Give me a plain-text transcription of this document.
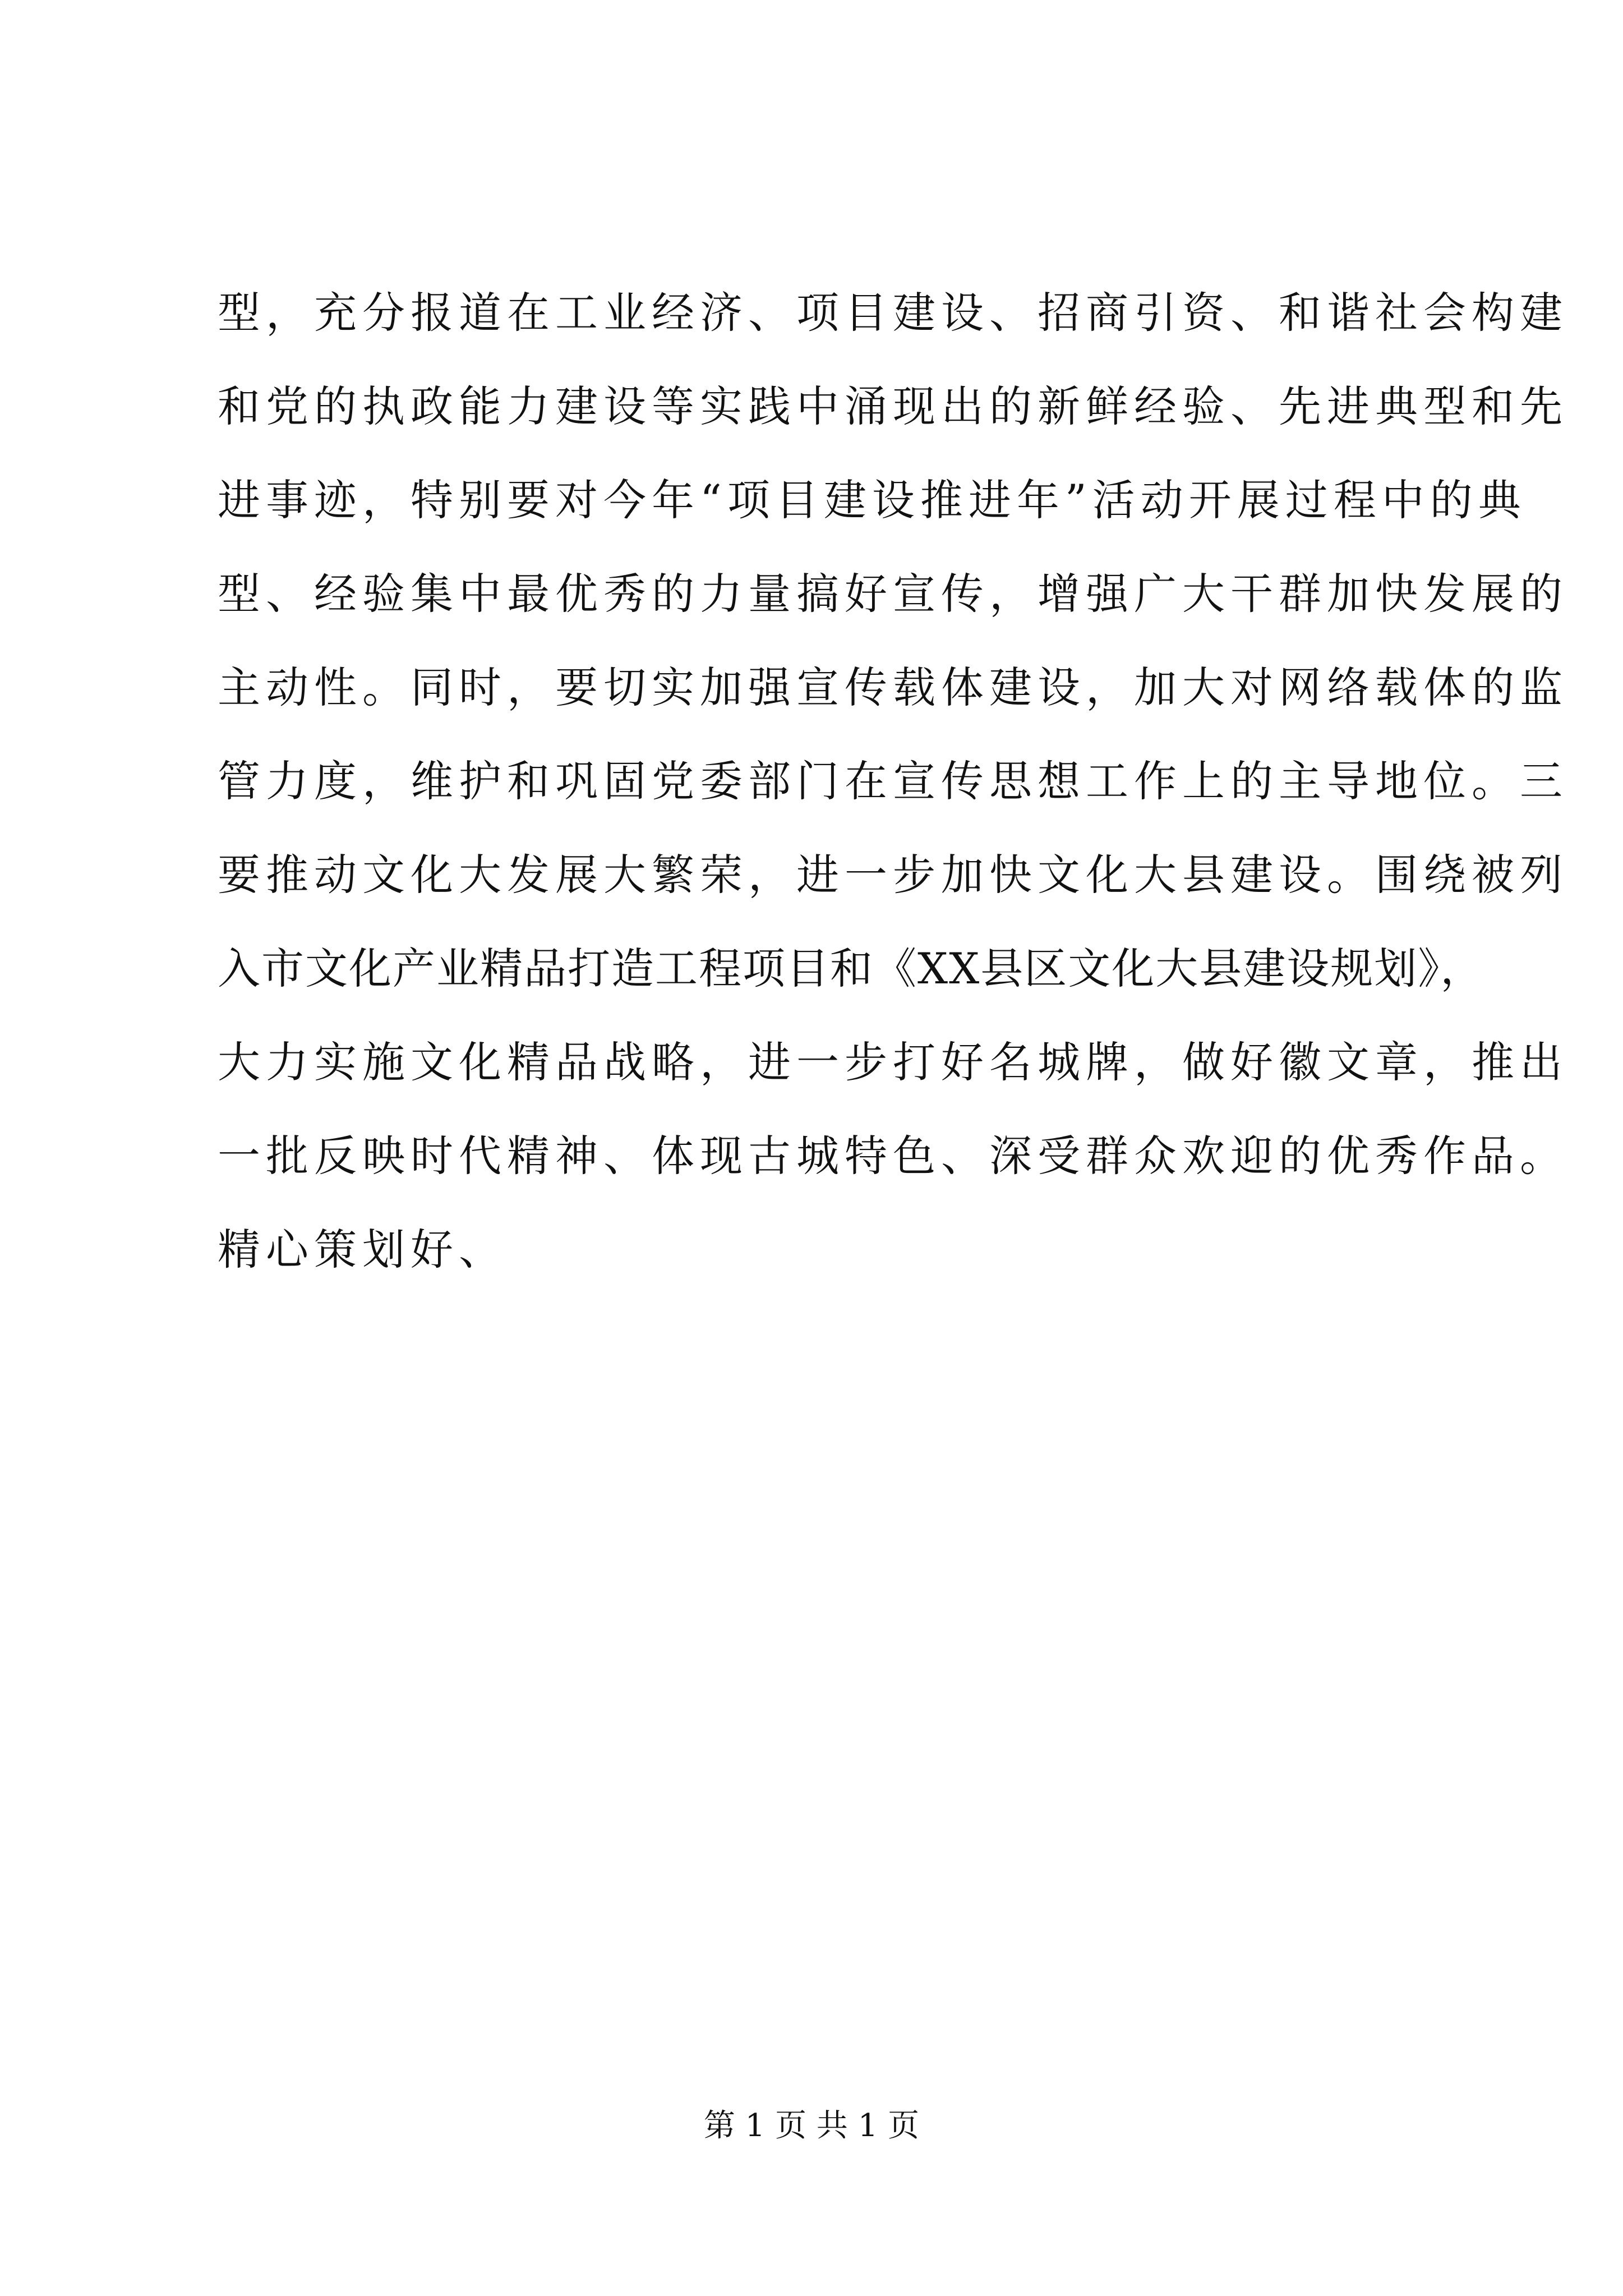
型，充分报道在工业经济、项目建设、招商引资、和谐社会构建
和党的执政能力建设等实践中涌现出的新鲜经验、先进典型和先
进事迹，特别要对今年“项目建设推进年”活动开展过程中的典
型、经验集中最优秀的力量搞好宣传，增强广大干群加快发展的
主动性。同时，要切实加强宣传载体建设，加大对网络载体的监
管力度，维护和巩固党委部门在宣传思想工作上的主导地位。三
要推动文化大发展大繁荣，进一步加快文化大县建设。围绕被列
入市文化产业精品打造工程项目和《XX县区文化大县建设规划》，
大力实施文化精品战略，进一步打好名城牌，做好徽文章，推出
一批反映时代精神、体现古城特色、深受群众欢迎的优秀作品。
精心策划好、
第 1 页 共 1 页
